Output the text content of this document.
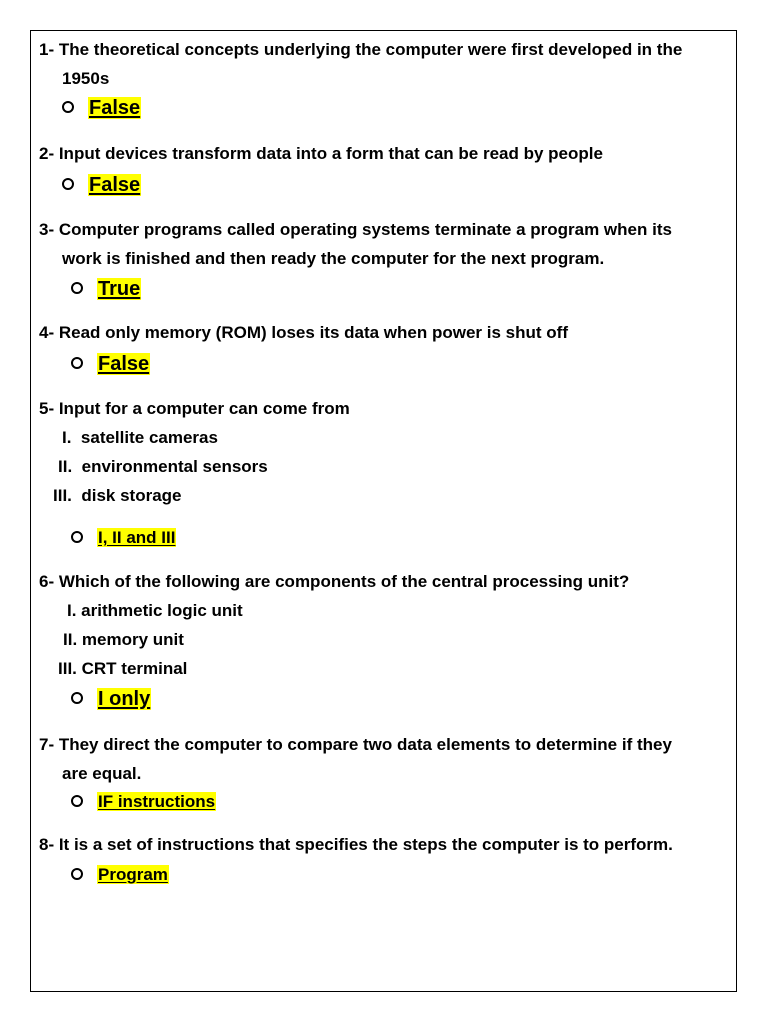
1- The theoretical concepts underlying the computer were first developed in the
1950s
False
2- Input devices transform data into a form that can be read by people
False
3- Computer programs called operating systems terminate a program when its
work is finished and then ready the computer for the next program.
True
4- Read only memory (ROM) loses its data when power is shut off
False
5- Input for a computer can come from
I. satellite cameras
II. environmental sensors
III. disk storage
I, II and III
6- Which of the following are components of the central processing unit?
I. arithmetic logic unit
II. memory unit
III. CRT terminal
I only
7- They direct the computer to compare two data elements to determine if they
are equal.
IF instructions
8- It is a set of instructions that specifies the steps the computer is to perform.
Program
